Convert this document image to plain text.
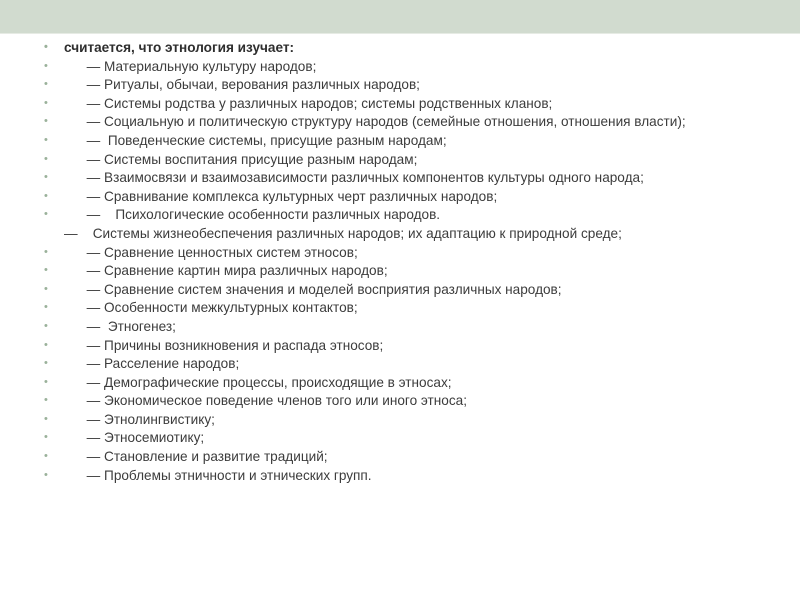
• считается, что этнология изучает:
• — Материальную культуру народов;
• — Ритуалы, обычаи, верования различных народов;
• — Системы родства у различных народов; системы родственных кланов;
• — Социальную и политическую структуру народов (семейные отношения, отношения власти);
• —  Поведенческие системы, присущие разным народам;
• — Системы воспитания присущие разным народам;
• — Взаимосвязи и взаимозависимости различных компонентов культуры одного народа;
• — Сравнивание комплекса культурных черт различных народов;
• —    Психологические особенности различных народов.
—    Системы жизнеобеспечения различных народов; их адаптацию к природной среде;
• — Сравнение ценностных систем этносов;
• — Сравнение картин мира различных народов;
• — Сравнение систем значения и моделей восприятия различных народов;
• — Особенности межкультурных контактов;
• —  Этногенез;
• — Причины возникновения и распада этносов;
• — Расселение народов;
• — Демографические процессы, происходящие в этносах;
• — Экономическое поведение членов того или иного этноса;
• — Этнолингвистику;
• — Этносемиотику;
• — Становление и развитие традиций;
• — Проблемы этничности и этнических групп.
